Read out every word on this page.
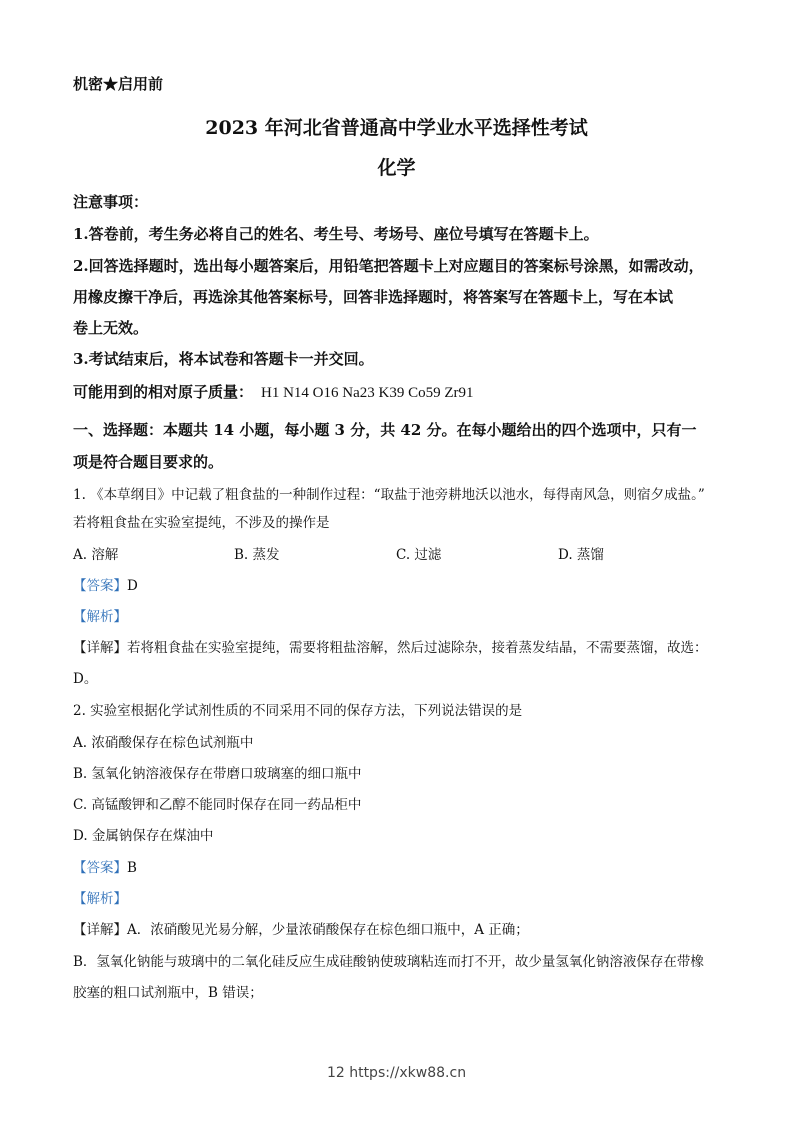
机密★启用前
2023 年河北省普通高中学业水平选择性考试
化学
注意事项：
1.答卷前，考生务必将自己的姓名、考生号、考场号、座位号填写在答题卡上。
2.回答选择题时，选出每小题答案后，用铅笔把答题卡上对应题目的答案标号涂黑，如需改动，
用橡皮擦干净后，再选涂其他答案标号，回答非选择题时，将答案写在答题卡上，写在本试
卷上无效。
3.考试结束后，将本试卷和答题卡一并交回。
可能用到的相对原子质量： H1 N14 O16 Na23 K39 Co59 Zr91
一、选择题：本题共 14 小题，每小题 3 分，共 42 分。在每小题给出的四个选项中，只有一
项是符合题目要求的。
1. 《本草纲目》中记载了粗食盐的一种制作过程：“取盐于池旁耕地沃以池水，每得南风急，则宿夕成盐。”
若将粗食盐在实验室提纯，不涉及的操作是
A. 溶解	B. 蒸发	C. 过滤	D. 蒸馏
【答案】D
【解析】
【详解】若将粗食盐在实验室提纯，需要将粗盐溶解，然后过滤除杂，接着蒸发结晶，不需要蒸馏，故选：
D。
2. 实验室根据化学试剂性质的不同采用不同的保存方法，下列说法错误的是
A. 浓硝酸保存在棕色试剂瓶中
B. 氢氧化钠溶液保存在带磨口玻璃塞的细口瓶中
C. 高锰酸钾和乙醇不能同时保存在同一药品柜中
D. 金属钠保存在煤油中
【答案】B
【解析】
【详解】A．浓硝酸见光易分解，少量浓硝酸保存在棕色细口瓶中，A 正确；
B．氢氧化钠能与玻璃中的二氧化硅反应生成硅酸钠使玻璃粘连而打不开，故少量氢氧化钠溶液保存在带橡
胶塞的粗口试剂瓶中，B 错误；
12 https://xkw88.cn
